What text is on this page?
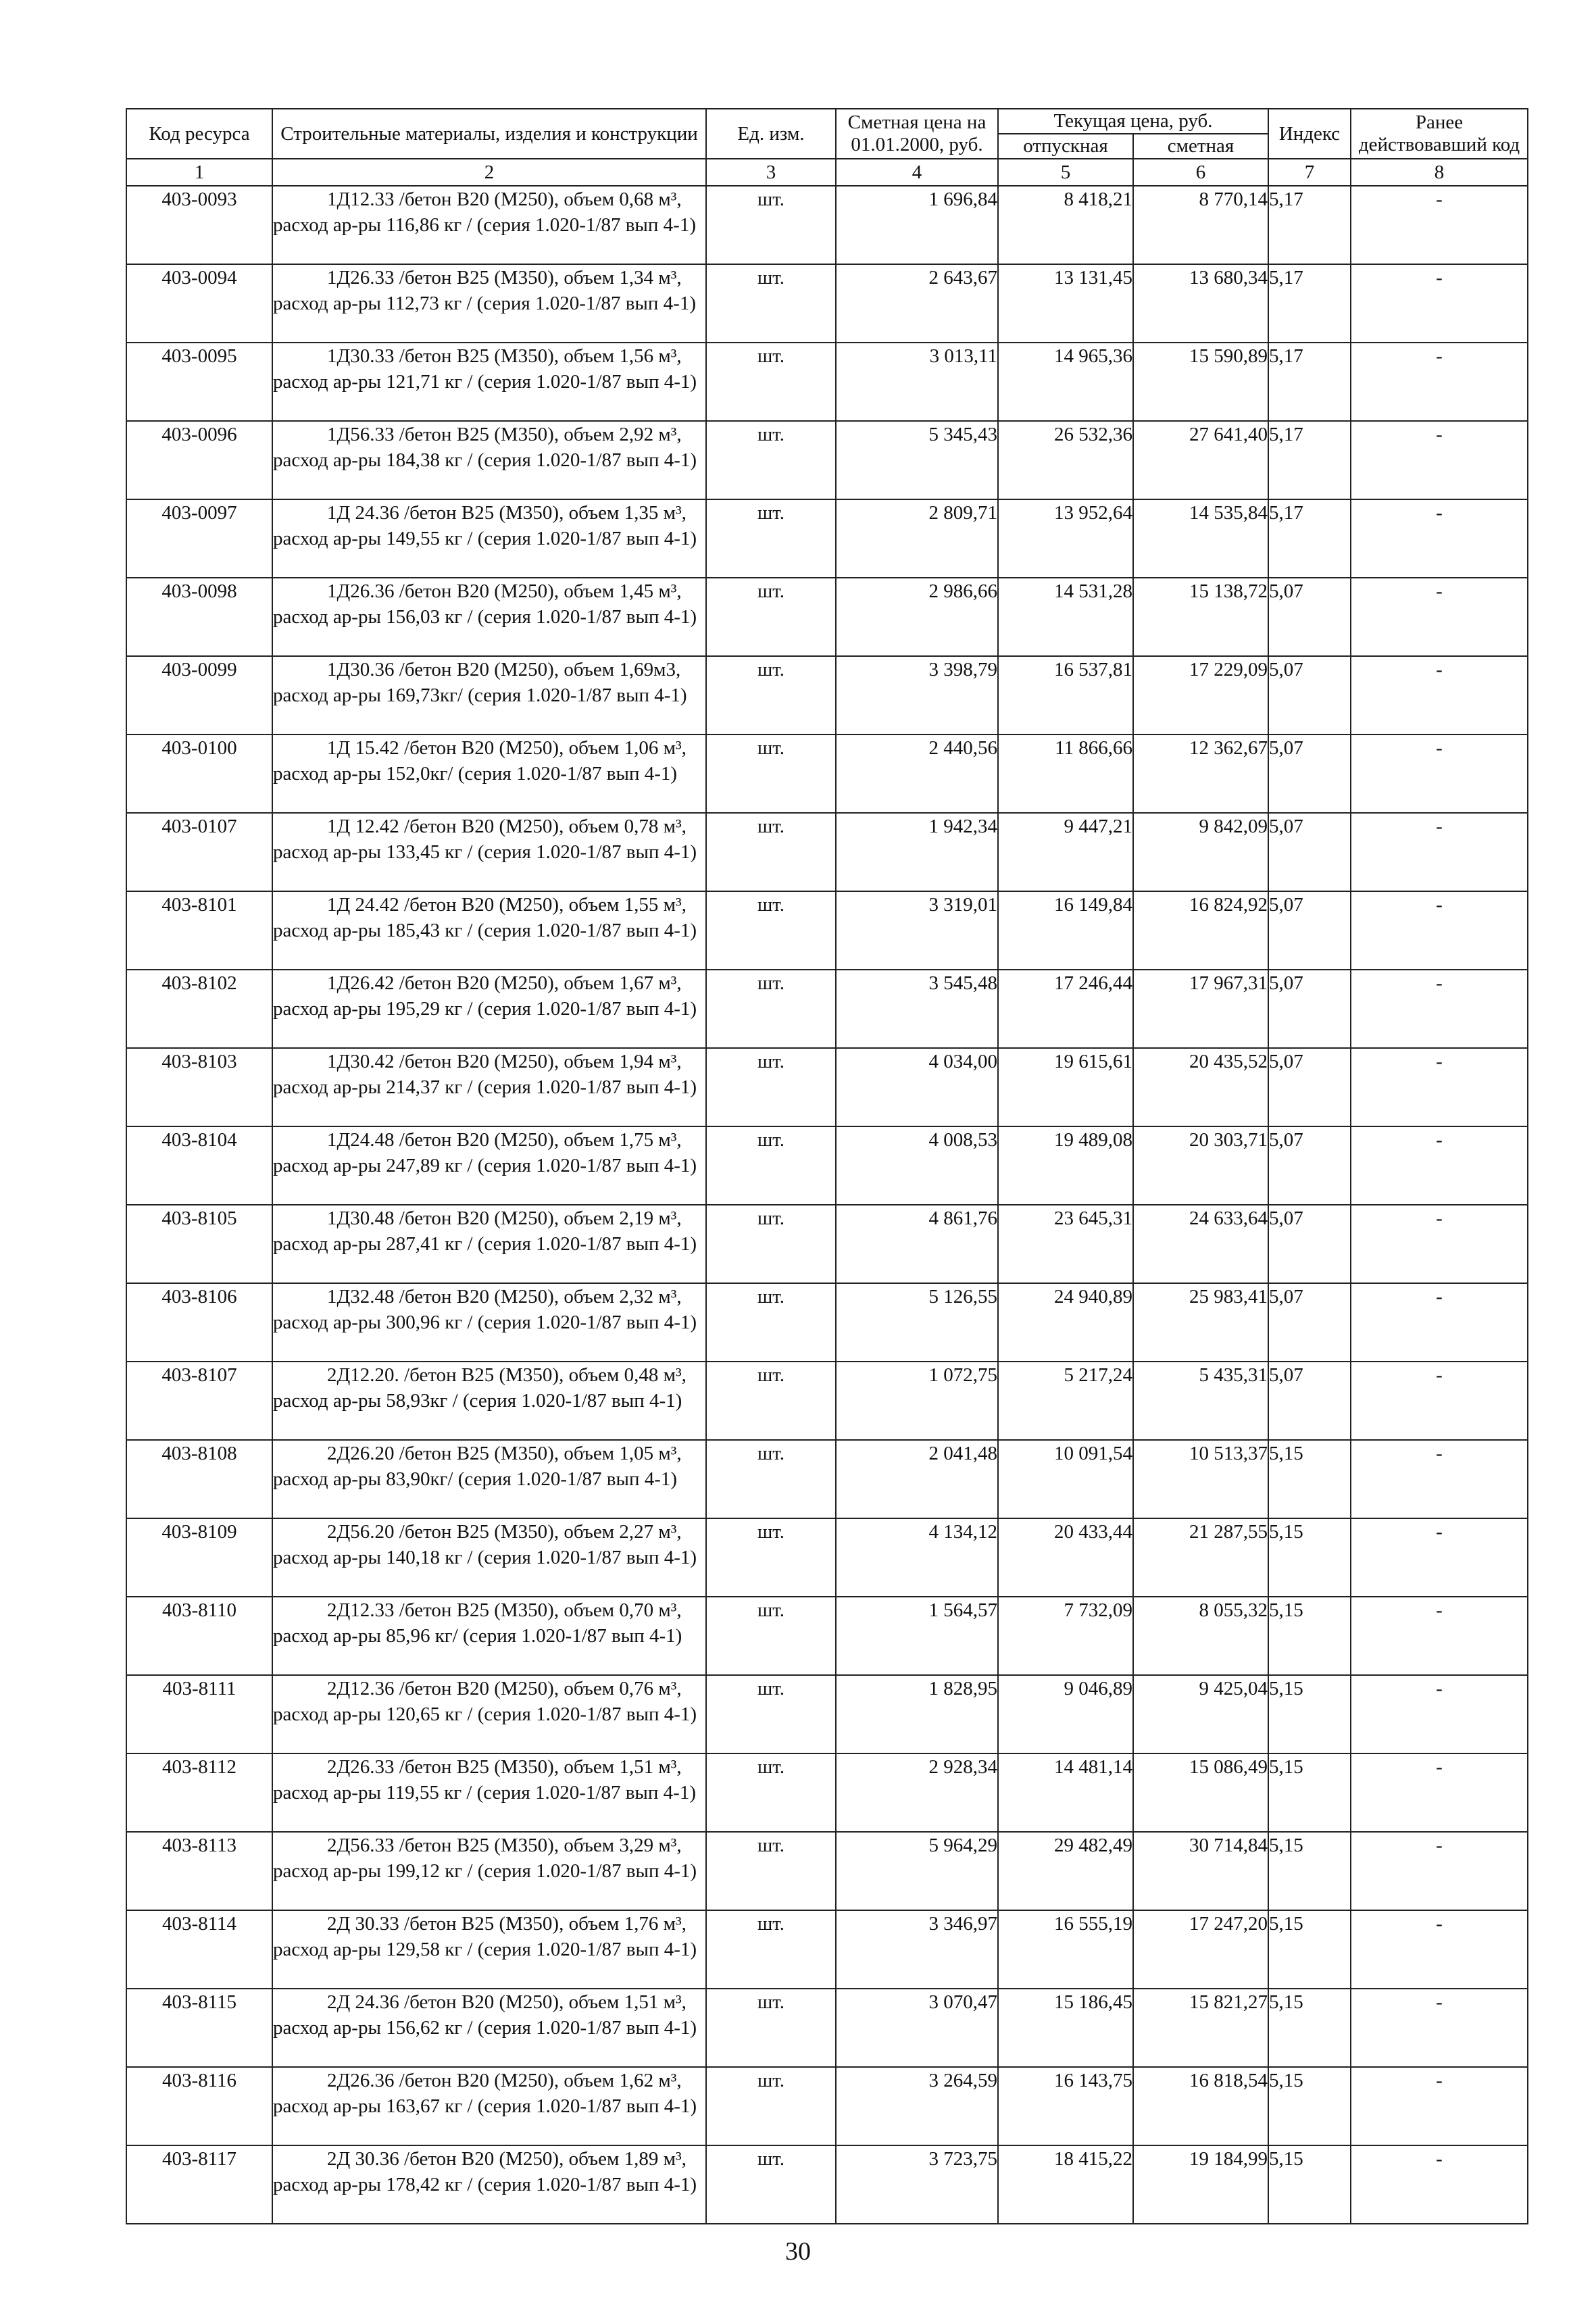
Код ресурса	Строительные материалы, изделия и конструкции	Ед. изм.	Сметная цена на 01.01.2000, руб.	Текущая цена, руб.		Индекс	Ранее действовавший код
				отпускная	сметная		
1	2	3	4	5	6	7	8
403-0093	1Д12.33 /бетон В20 (М250), объем 0,68 м³, расход ар-ры 116,86 кг / (серия 1.020-1/87 вып 4-1)	шт.	1 696,84	8 418,21	8 770,14	5,17	-
403-0094	1Д26.33 /бетон В25 (М350), объем 1,34 м³, расход ар-ры 112,73 кг / (серия 1.020-1/87 вып 4-1)	шт.	2 643,67	13 131,45	13 680,34	5,17	-
403-0095	1Д30.33 /бетон В25 (М350), объем 1,56 м³, расход ар-ры 121,71 кг / (серия 1.020-1/87 вып 4-1)	шт.	3 013,11	14 965,36	15 590,89	5,17	-
403-0096	1Д56.33 /бетон В25 (М350), объем 2,92 м³, расход ар-ры 184,38 кг / (серия 1.020-1/87 вып 4-1)	шт.	5 345,43	26 532,36	27 641,40	5,17	-
403-0097	1Д 24.36 /бетон В25 (М350), объем 1,35 м³, расход ар-ры 149,55 кг / (серия 1.020-1/87 вып 4-1)	шт.	2 809,71	13 952,64	14 535,84	5,17	-
403-0098	1Д26.36 /бетон В20 (М250), объем 1,45 м³, расход ар-ры 156,03 кг / (серия 1.020-1/87 вып 4-1)	шт.	2 986,66	14 531,28	15 138,72	5,07	-
403-0099	1Д30.36 /бетон В20 (М250), объем 1,69м3, расход ар-ры 169,73кг/ (серия 1.020-1/87 вып 4-1)	шт.	3 398,79	16 537,81	17 229,09	5,07	-
403-0100	1Д 15.42 /бетон В20 (М250), объем 1,06 м³, расход ар-ры 152,0кг/ (серия 1.020-1/87 вып 4-1)	шт.	2 440,56	11 866,66	12 362,67	5,07	-
403-0107	1Д 12.42 /бетон В20 (М250), объем 0,78 м³, расход ар-ры 133,45 кг / (серия 1.020-1/87 вып 4-1)	шт.	1 942,34	9 447,21	9 842,09	5,07	-
403-8101	1Д 24.42 /бетон В20 (М250), объем 1,55 м³, расход ар-ры 185,43 кг / (серия 1.020-1/87 вып 4-1)	шт.	3 319,01	16 149,84	16 824,92	5,07	-
403-8102	1Д26.42 /бетон В20 (М250), объем 1,67 м³, расход ар-ры 195,29 кг / (серия 1.020-1/87 вып 4-1)	шт.	3 545,48	17 246,44	17 967,31	5,07	-
403-8103	1Д30.42 /бетон В20 (М250), объем 1,94 м³, расход ар-ры 214,37 кг / (серия 1.020-1/87 вып 4-1)	шт.	4 034,00	19 615,61	20 435,52	5,07	-
403-8104	1Д24.48 /бетон В20 (М250), объем 1,75 м³, расход ар-ры 247,89 кг / (серия 1.020-1/87 вып 4-1)	шт.	4 008,53	19 489,08	20 303,71	5,07	-
403-8105	1Д30.48 /бетон В20 (М250), объем 2,19 м³, расход ар-ры 287,41 кг / (серия 1.020-1/87 вып 4-1)	шт.	4 861,76	23 645,31	24 633,64	5,07	-
403-8106	1Д32.48 /бетон В20 (М250), объем 2,32 м³, расход ар-ры 300,96 кг / (серия 1.020-1/87 вып 4-1)	шт.	5 126,55	24 940,89	25 983,41	5,07	-
403-8107	2Д12.20. /бетон В25 (М350), объем 0,48 м³, расход ар-ры 58,93кг / (серия 1.020-1/87 вып 4-1)	шт.	1 072,75	5 217,24	5 435,31	5,07	-
403-8108	2Д26.20 /бетон В25 (М350), объем 1,05 м³, расход ар-ры 83,90кг/ (серия 1.020-1/87 вып 4-1)	шт.	2 041,48	10 091,54	10 513,37	5,15	-
403-8109	2Д56.20 /бетон В25 (М350), объем 2,27 м³, расход ар-ры 140,18 кг / (серия 1.020-1/87 вып 4-1)	шт.	4 134,12	20 433,44	21 287,55	5,15	-
403-8110	2Д12.33 /бетон В25 (М350), объем 0,70 м³, расход ар-ры 85,96 кг/ (серия 1.020-1/87 вып 4-1)	шт.	1 564,57	7 732,09	8 055,32	5,15	-
403-8111	2Д12.36 /бетон В20 (М250), объем 0,76 м³, расход ар-ры 120,65 кг / (серия 1.020-1/87 вып 4-1)	шт.	1 828,95	9 046,89	9 425,04	5,15	-
403-8112	2Д26.33 /бетон В25 (М350), объем 1,51 м³, расход ар-ры 119,55 кг / (серия 1.020-1/87 вып 4-1)	шт.	2 928,34	14 481,14	15 086,49	5,15	-
403-8113	2Д56.33 /бетон В25 (М350), объем 3,29 м³, расход ар-ры 199,12 кг / (серия 1.020-1/87 вып 4-1)	шт.	5 964,29	29 482,49	30 714,84	5,15	-
403-8114	2Д 30.33 /бетон В25 (М350), объем 1,76 м³, расход ар-ры 129,58 кг / (серия 1.020-1/87 вып 4-1)	шт.	3 346,97	16 555,19	17 247,20	5,15	-
403-8115	2Д 24.36 /бетон В20 (М250), объем 1,51 м³, расход ар-ры 156,62 кг / (серия 1.020-1/87 вып 4-1)	шт.	3 070,47	15 186,45	15 821,27	5,15	-
403-8116	2Д26.36 /бетон В20 (М250), объем 1,62 м³, расход ар-ры 163,67 кг / (серия 1.020-1/87 вып 4-1)	шт.	3 264,59	16 143,75	16 818,54	5,15	-
403-8117	2Д 30.36 /бетон В20 (М250), объем 1,89 м³, расход ар-ры 178,42 кг / (серия 1.020-1/87 вып 4-1)	шт.	3 723,75	18 415,22	19 184,99	5,15	-
30
